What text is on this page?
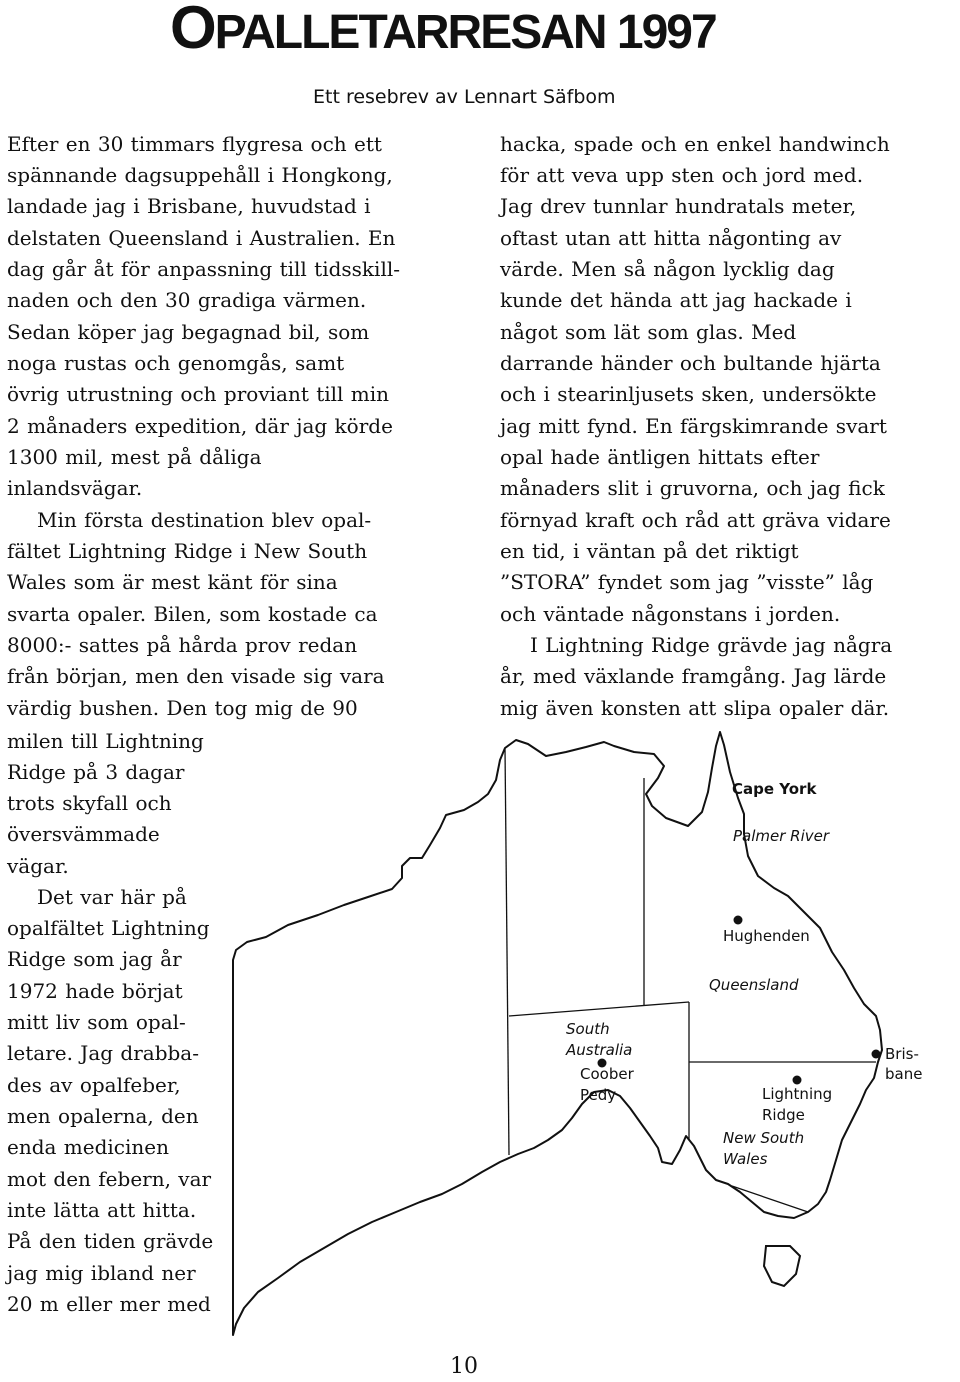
OPALLETARRESAN 1997
Ett resebrev av Lennart Säfbom
Efter en 30 timmars flygresa och ett
spännande dagsuppehåll i Hongkong,
landade jag i Brisbane, huvudstad i
delstaten Queensland i Australien. En
dag går åt för anpassning till tidsskill-
naden och den 30 gradiga värmen.
Sedan köper jag begagnad bil, som
noga rustas och genomgås, samt
övrig utrustning och proviant till min
2 månaders expedition, där jag körde
1300 mil, mest på dåliga
inlandsvägar.
Min första destination blev opal-
fältet Lightning Ridge i New South
Wales som är mest känt för sina
svarta opaler. Bilen, som kostade ca
8000:- sattes på hårda prov redan
från början, men den visade sig vara
värdig bushen. Den tog mig de 90
milen till Lightning
Ridge på 3 dagar
trots skyfall och
översvämmade
vägar.
Det var här på
opalfältet Lightning
Ridge som jag år
1972 hade börjat
mitt liv som opal-
letare. Jag drabba-
des av opalfeber,
men opalerna, den
enda medicinen
mot den febern, var
inte lätta att hitta.
På den tiden grävde
jag mig ibland ner
20 m eller mer med
hacka, spade och en enkel handwinch
för att veva upp sten och jord med.
Jag drev tunnlar hundratals meter,
oftast utan att hitta någonting av
värde. Men så någon lycklig dag
kunde det hända att jag hackade i
något som lät som glas. Med
darrande händer och bultande hjärta
och i stearinljusets sken, undersökte
jag mitt fynd. En färgskimrande svart
opal hade äntligen hittats efter
månaders slit i gruvorna, och jag fick
förnyad kraft och råd att gräva vidare
en tid, i väntan på det riktigt
”STORA” fyndet som jag ”visste” låg
och väntade någonstans i jorden.
I Lightning Ridge grävde jag några
år, med växlande framgång. Jag lärde
mig även konsten att slipa opaler där.
Cape York
Palmer River
Hughenden
Queensland
South
Australia
Coober
Pedy	Lightning
Ridge
New South
Wales
Bris-
bane
10
